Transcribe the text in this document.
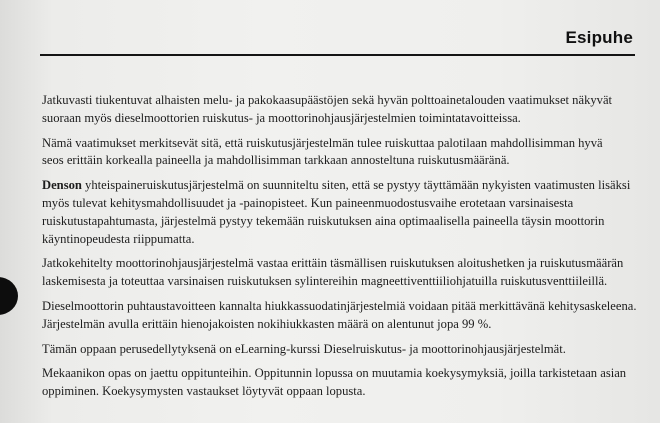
Esipuhe

Jatkuvasti tiukentuvat alhaisten melu- ja pakokaasupäästöjen sekä hyvän polttoainetalouden vaatimukset näkyvät
suoraan myös dieselmoottorien ruiskutus- ja moottorinohjausjärjestelmien toimintatavoitteissa.

Nämä vaatimukset merkitsevät sitä, että ruiskutusjärjestelmän tulee ruiskuttaa palotilaan mahdollisimman hyvä
seos erittäin korkealla paineella ja mahdollisimman tarkkaan annosteltuna ruiskutusmääränä.

Denson yhteispaineruiskutusjärjestelmä on suunniteltu siten, että se pystyy täyttämään nykyisten vaatimusten lisäksi
myös tulevat kehitysmahdollisuudet ja -painopisteet. Kun paineenmuodostusvaihe erotetaan varsinaisesta
ruiskutustapahtumasta, järjestelmä pystyy tekemään ruiskutuksen aina optimaalisella paineella täysin moottorin
käyntinopeudesta riippumatta.

Jatkokehitelty moottorinohjausjärjestelmä vastaa erittäin täsmällisen ruiskutuksen aloitushetken ja ruiskutusmäärän
laskemisesta ja toteuttaa varsinaisen ruiskutuksen sylintereihin magneettiventtiiliohjatuilla ruiskutusventtiileillä.

Dieselmoottorin puhtaustavoitteen kannalta hiukkassuodatinjärjestelmiä voidaan pitää merkittävänä kehitysaskeleena.
Järjestelmän avulla erittäin hienojakoisten nokihiukkasten määrä on alentunut jopa 99 %.

Tämän oppaan perusedellytyksenä on eLearning-kurssi Dieselruiskutus- ja moottorinohjausjärjestelmät.

Mekaanikon opas on jaettu oppitunteihin. Oppitunnin lopussa on muutamia koekysymyksiä, joilla tarkistetaan asian
oppiminen. Koekysymysten vastaukset löytyvät oppaan lopusta.
